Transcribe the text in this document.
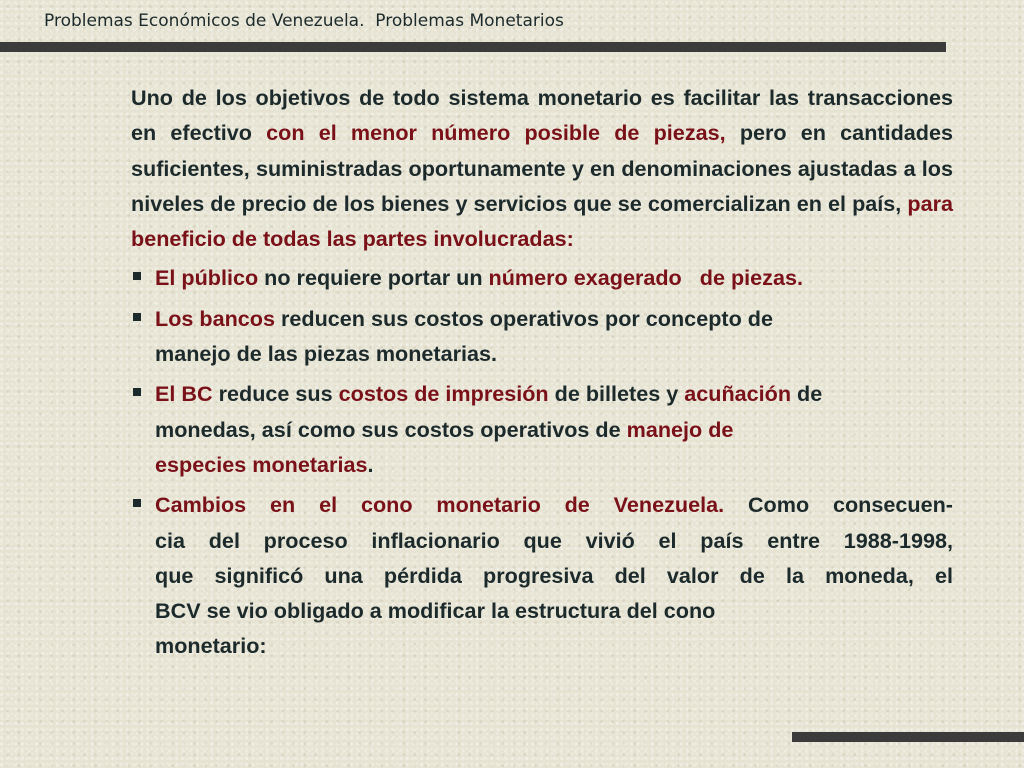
Problemas Económicos de Venezuela.  Problemas Monetarios

Uno de los objetivos de todo sistema monetario es facilitar las transacciones en efectivo con el menor número posible de piezas, pero en cantidades suficientes, suministradas oportunamente y en denominaciones ajustadas a los niveles de precio de los bienes y servicios que se comercializan en el país, para beneficio de todas las partes involucradas:

El público no requiere portar un número exagerado de piezas.
Los bancos reducen sus costos operativos por concepto de
manejo de las piezas monetarias.
El BC reduce sus costos de impresión de billetes y acuñación de
monedas, así como sus costos operativos de manejo de
especies monetarias.
Cambios en el cono monetario de Venezuela. Como consecuen-
cia del proceso inflacionario que vivió el país entre 1988-1998,
que significó una pérdida progresiva del valor de la moneda, el
BCV se vio obligado a modificar la estructura del cono
monetario:
